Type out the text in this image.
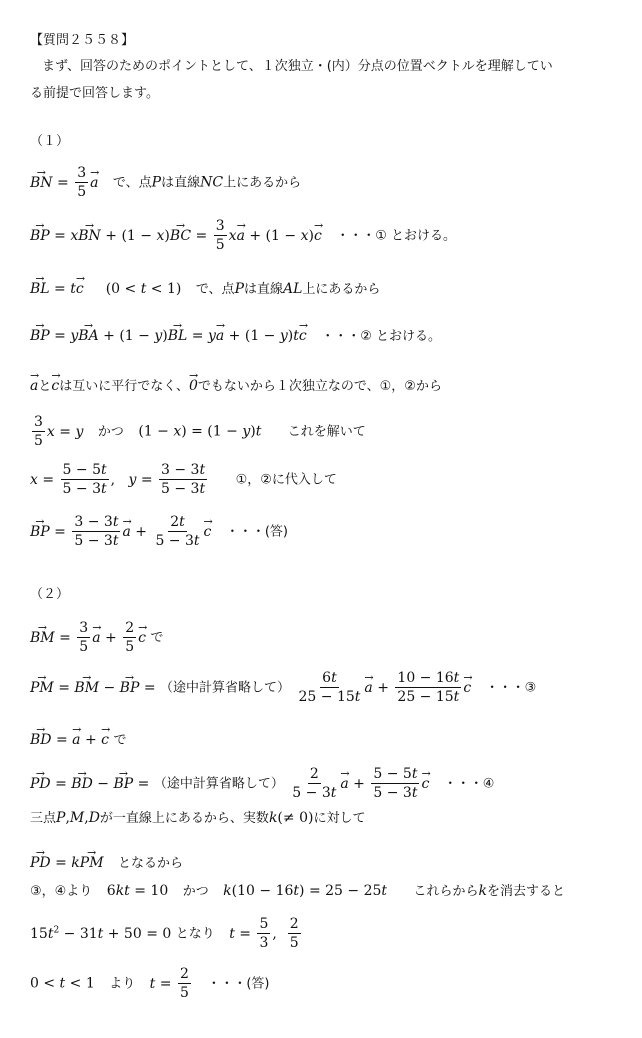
【質問２５５８】
まず、回答のためのポイントとして、１次独立・(内）分点の位置ベクトルを理解してい
る前提で回答します。
（１）
→ BN = $\frac{3}{5}$
→ a で、点Pは直線NC上にあるから
→ BP = x→ BN + (1 − x)→ BC = $\frac{3}{5} x\to a + (1 - x)\to c$ ・・・① とおける。
→ BL = t→ c (0 < t < 1) で、点Pは直線AL上にあるから
→ BP = y→ BA + (1 − y)→ BL = y→ a + (1 − y)t→ c ・・・② とおける。
→ aと→ cは互いに平行でなく、→ 0でもないから１次独立なので、①，②から
$\frac{3}{5}$ x = y かつ (1 − x) = (1 − y)t これを解いて
$x = \frac{5 - 5t}{5 - 3t}$ ,   $y = \frac{3 - 3t}{5 - 3t}$ ①，②に代入して
→ BP = $\frac{3 - 3t}{5 - 3t}$
→ $a + \frac{2t}{5 - 3t}$
→ c ・・・(答)
（２）
→ BM = $\frac{3}{5}$
→ $a + \frac{2}{5}$
→ c で
→ PM = → BM − → BP = （途中計算省略して） $\frac{6t}{25 - 15t}$
→ $a + \frac{10 - 16t}{25 - 15t}$
→ c ・・・③
→ BD = → a + → c で
→ PD = → BD − → BP = （途中計算省略して） $\frac{2}{5 - 3t}$
→ $a + \frac{5 - 5t}{5 - 3t}$
→ c ・・・④
三点P,M,Dが一直線上にあるから、実数k(≠ 0)に対して
→ PD = k→ PM となるから
③，④より 6kt = 10 かつ k(10 − 16t) = 25 − 25t これらからkを消去すると
$15t^2 - 31t + 50 = 0$ となり $t = \frac{5}{3}$ , $\frac{2}{5}$
0 < t < 1 より $t = \frac{2}{5}$ ・・・(答)
